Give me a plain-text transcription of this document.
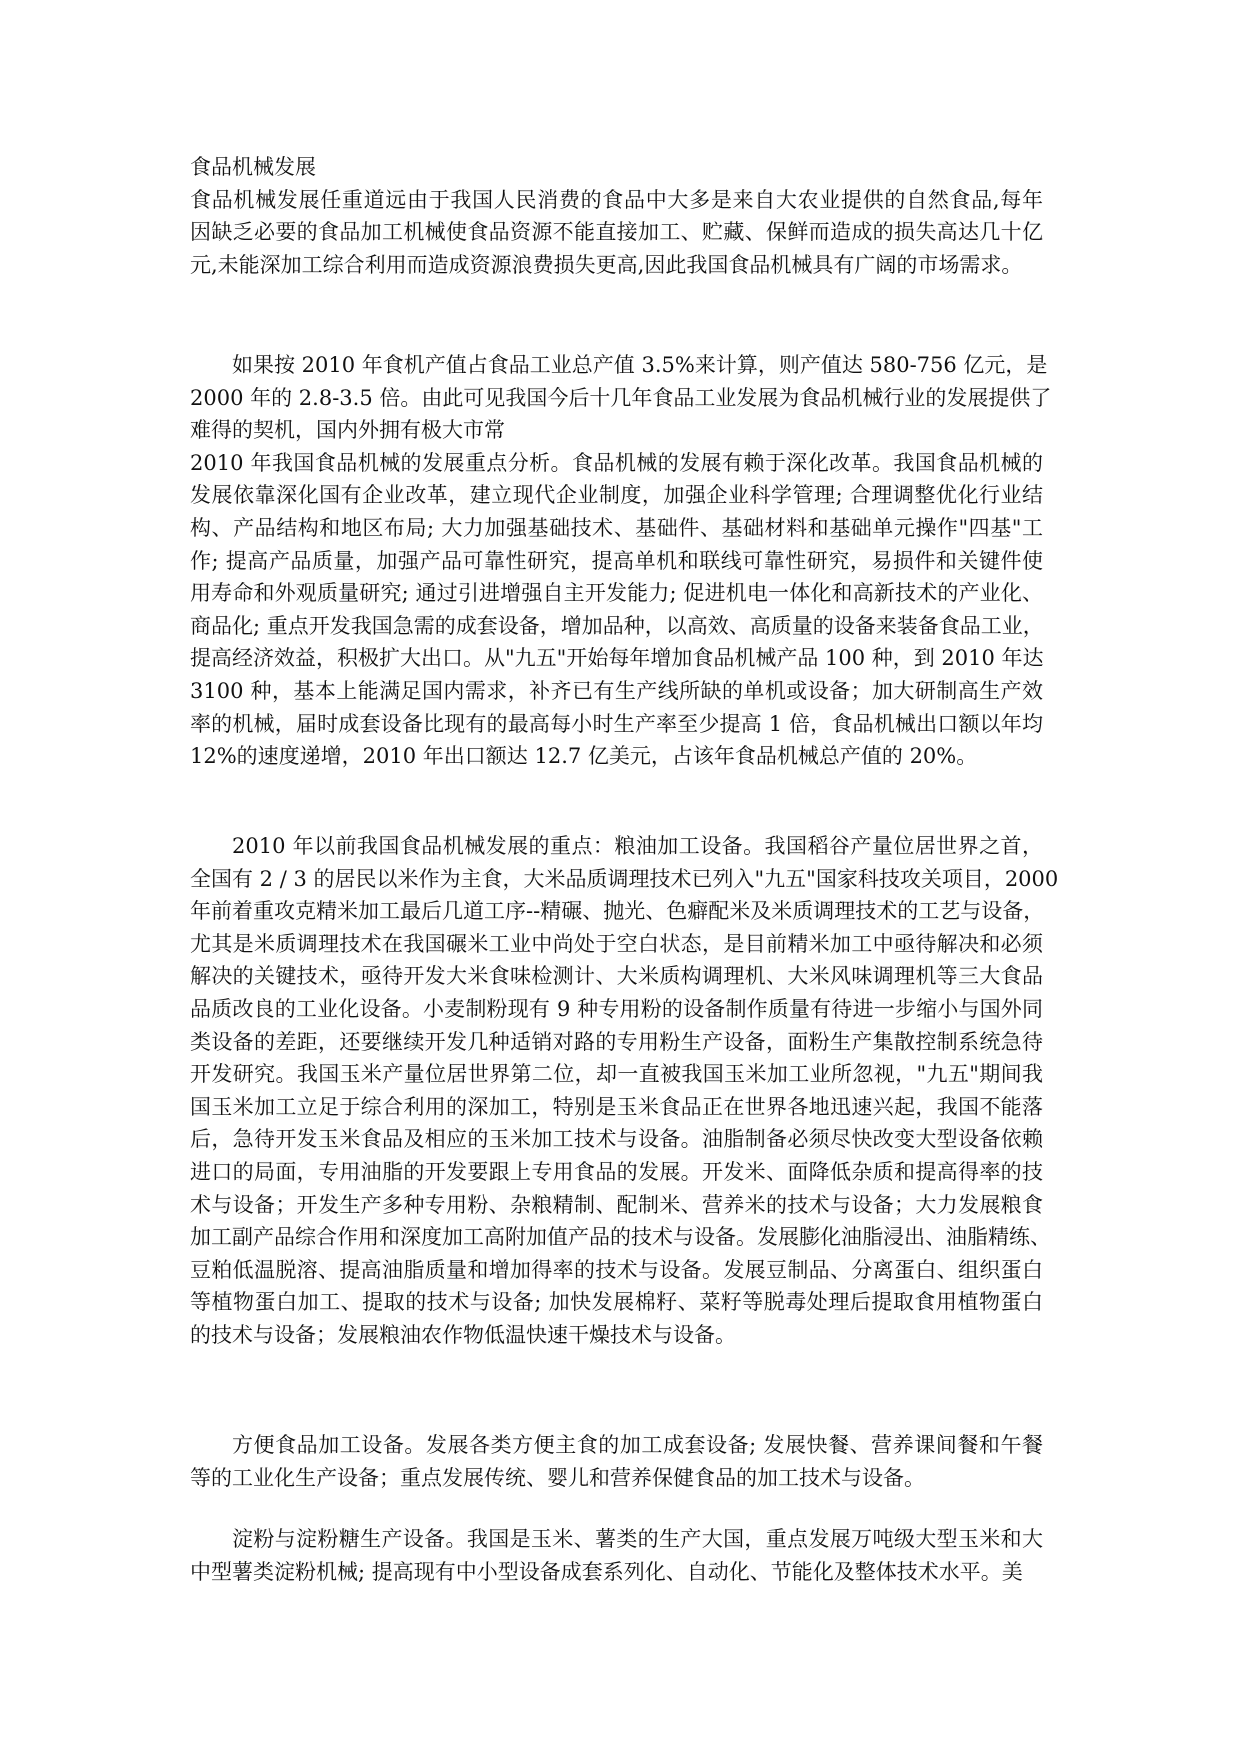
食品机械发展
食品机械发展任重道远由于我国人民消费的食品中大多是来自大农业提供的自然食品,每年
因缺乏必要的食品加工机械使食品资源不能直接加工、贮藏、保鲜而造成的损失高达几十亿
元,未能深加工综合利用而造成资源浪费损失更高,因此我国食品机械具有广阔的市场需求。
如果按 2010 年食机产值占食品工业总产值 3.5%来计算，则产值达 580-756 亿元，是
2000 年的 2.8-3.5 倍。由此可见我国今后十几年食品工业发展为食品机械行业的发展提供了
难得的契机，国内外拥有极大市常
2010 年我国食品机械的发展重点分析。食品机械的发展有赖于深化改革。我国食品机械的
发展依靠深化国有企业改革，建立现代企业制度，加强企业科学管理; 合理调整优化行业结
构、产品结构和地区布局; 大力加强基础技术、基础件、基础材料和基础单元操作"四基"工
作; 提高产品质量，加强产品可靠性研究，提高单机和联线可靠性研究，易损件和关键件使
用寿命和外观质量研究; 通过引进增强自主开发能力; 促进机电一体化和高新技术的产业化、
商品化; 重点开发我国急需的成套设备，增加品种，以高效、高质量的设备来装备食品工业，
提高经济效益，积极扩大出口。从"九五"开始每年增加食品机械产品 100 种，到 2010 年达
3100 种，基本上能满足国内需求，补齐已有生产线所缺的单机或设备；加大研制高生产效
率的机械，届时成套设备比现有的最高每小时生产率至少提高 1 倍，食品机械出口额以年均
12%的速度递增，2010 年出口额达 12.7 亿美元，占该年食品机械总产值的 20%。
2010 年以前我国食品机械发展的重点：粮油加工设备。我国稻谷产量位居世界之首，
全国有 2 / 3 的居民以米作为主食，大米品质调理技术已列入"九五"国家科技攻关项目，2000
年前着重攻克精米加工最后几道工序--精碾、抛光、色癖配米及米质调理技术的工艺与设备，
尤其是米质调理技术在我国碾米工业中尚处于空白状态，是目前精米加工中亟待解决和必须
解决的关键技术，亟待开发大米食味检测计、大米质构调理机、大米风味调理机等三大食品
品质改良的工业化设备。小麦制粉现有 9 种专用粉的设备制作质量有待进一步缩小与国外同
类设备的差距，还要继续开发几种适销对路的专用粉生产设备，面粉生产集散控制系统急待
开发研究。我国玉米产量位居世界第二位，却一直被我国玉米加工业所忽视，"九五"期间我
国玉米加工立足于综合利用的深加工，特别是玉米食品正在世界各地迅速兴起，我国不能落
后，急待开发玉米食品及相应的玉米加工技术与设备。油脂制备必须尽快改变大型设备依赖
进口的局面，专用油脂的开发要跟上专用食品的发展。开发米、面降低杂质和提高得率的技
术与设备；开发生产多种专用粉、杂粮精制、配制米、营养米的技术与设备；大力发展粮食
加工副产品综合作用和深度加工高附加值产品的技术与设备。发展膨化油脂浸出、油脂精练、
豆粕低温脱溶、提高油脂质量和增加得率的技术与设备。发展豆制品、分离蛋白、组织蛋白
等植物蛋白加工、提取的技术与设备; 加快发展棉籽、菜籽等脱毒处理后提取食用植物蛋白
的技术与设备；发展粮油农作物低温快速干燥技术与设备。
方便食品加工设备。发展各类方便主食的加工成套设备; 发展快餐、营养课间餐和午餐
等的工业化生产设备；重点发展传统、婴儿和营养保健食品的加工技术与设备。
淀粉与淀粉糖生产设备。我国是玉米、薯类的生产大国，重点发展万吨级大型玉米和大
中型薯类淀粉机械; 提高现有中小型设备成套系列化、自动化、节能化及整体技术水平。美
